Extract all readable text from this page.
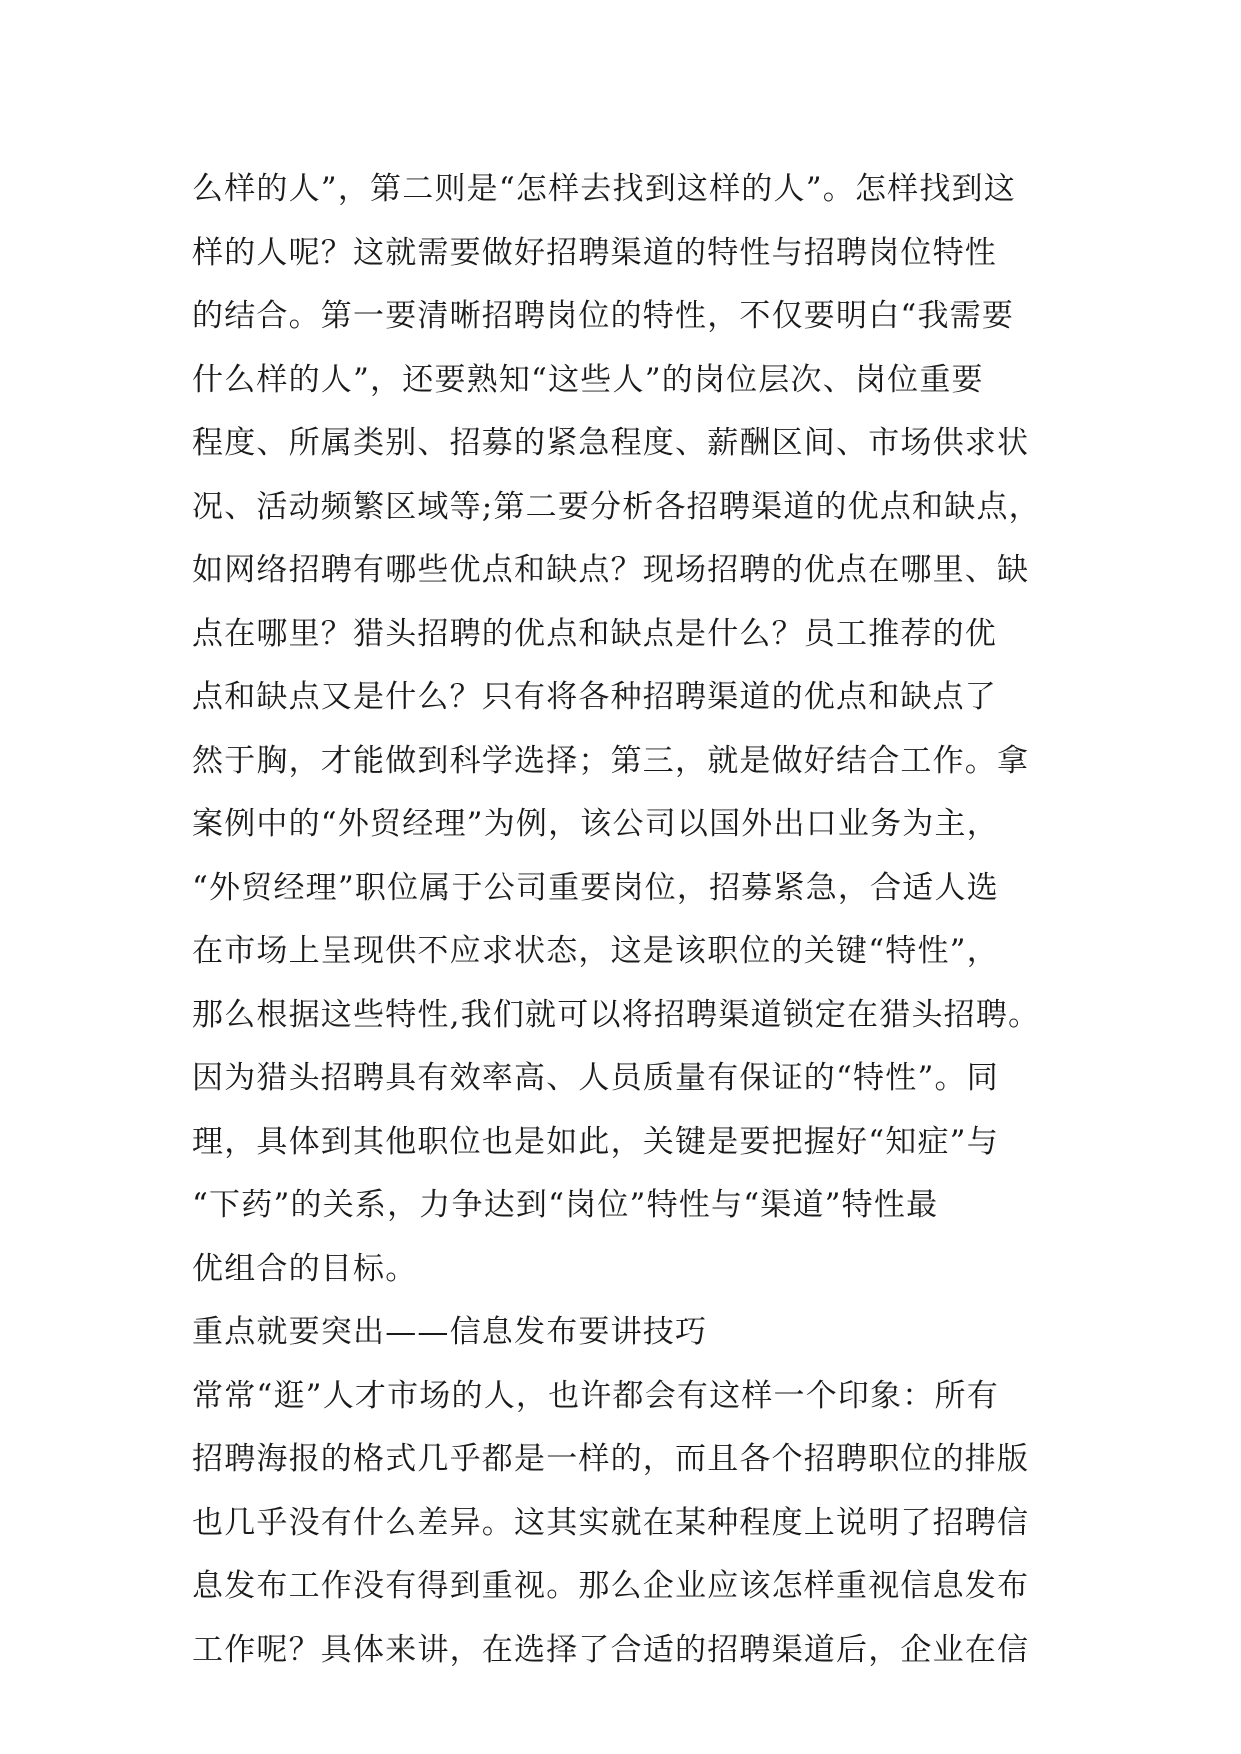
么样的人”，第二则是“怎样去找到这样的人”。怎样找到这
样的人呢？这就需要做好招聘渠道的特性与招聘岗位特性
的结合。第一要清晰招聘岗位的特性，不仅要明白“我需要
什么样的人”，还要熟知“这些人”的岗位层次、岗位重要
程度、所属类别、招募的紧急程度、薪酬区间、市场供求状
况、活动频繁区域等;第二要分析各招聘渠道的优点和缺点，
如网络招聘有哪些优点和缺点？现场招聘的优点在哪里、缺
点在哪里？猎头招聘的优点和缺点是什么？员工推荐的优
点和缺点又是什么？只有将各种招聘渠道的优点和缺点了
然于胸，才能做到科学选择；第三，就是做好结合工作。拿
案例中的“外贸经理”为例，该公司以国外出口业务为主，
“外贸经理”职位属于公司重要岗位，招募紧急，合适人选
在市场上呈现供不应求状态，这是该职位的关键“特性”，
那么根据这些特性,我们就可以将招聘渠道锁定在猎头招聘。
因为猎头招聘具有效率高、人员质量有保证的“特性”。同
理，具体到其他职位也是如此，关键是要把握好“知症”与
“下药”的关系，力争达到“岗位”特性与“渠道”特性最
优组合的目标。
重点就要突出——信息发布要讲技巧
常常“逛”人才市场的人，也许都会有这样一个印象：所有
招聘海报的格式几乎都是一样的，而且各个招聘职位的排版
也几乎没有什么差异。这其实就在某种程度上说明了招聘信
息发布工作没有得到重视。那么企业应该怎样重视信息发布
工作呢？具体来讲，在选择了合适的招聘渠道后，企业在信
